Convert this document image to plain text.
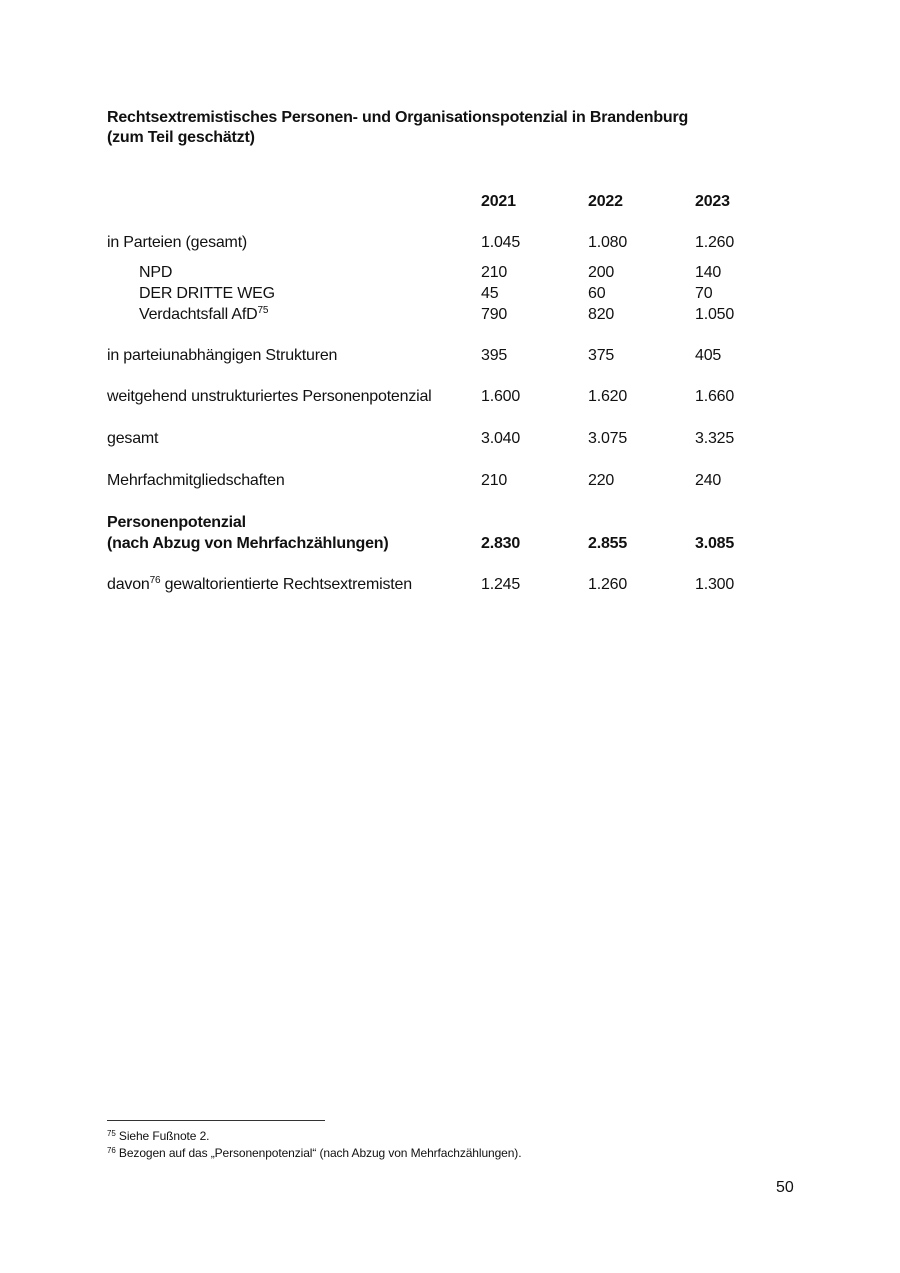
Rechtsextremistisches Personen- und Organisationspotenzial in Brandenburg
(zum Teil geschätzt)
2021	2022	2023
in Parteien (gesamt)	1.045	1.080	1.260
NPD	210	200	140
DER DRITTE WEG	45	60	70
Verdachtsfall AfD$^{75}$	790	820	1.050
in parteiunabhängigen Strukturen	395	375	405
weitgehend unstrukturiertes Personenpotenzial	1.600	1.620	1.660
gesamt	3.040	3.075	3.325
Mehrfachmitgliedschaften	210	220	240
Personenpotenzial
(nach Abzug von Mehrfachzählungen)	2.830	2.855	3.085
davon$^{76}$ gewaltorientierte Rechtsextremisten	1.245	1.260	1.300
$^{75}$ Siehe Fußnote 2.
$^{76}$ Bezogen auf das „Personenpotenzial“ (nach Abzug von Mehrfachzählungen).
50
